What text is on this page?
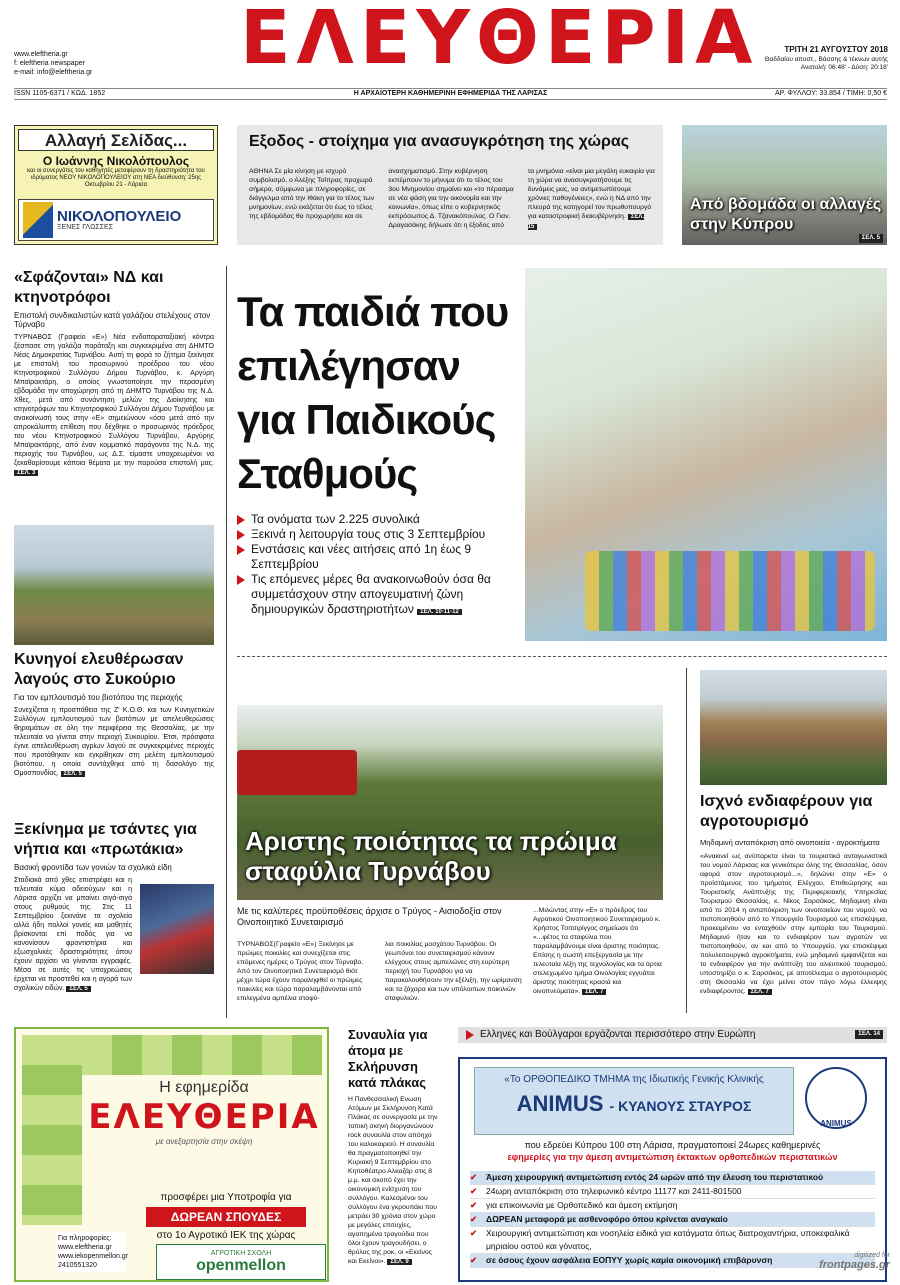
www.eleftheria.gr
f: eleftheria newspaper
e-mail: info@eleftheria.gr ΕΛΕΥΘΕΡΙΑ	ΤΡΙΤΗ 21 ΑΥΓΟΥΣΤΟΥ 2018
Θαδδαίου αποστ., Βάσσης & τέκνων αυτής
Ανατολή: 06:48' - Δύση: 20:18'
ISSN 1105-6371 / ΚΩΔ. 1852	Η ΑΡΧΑΙΟΤΕΡΗ ΚΑΘΗΜΕΡΙΝΗ ΕΦΗΜΕΡΙΔΑ ΤΗΣ ΛΑΡΙΣΑΣ	ΑΡ. ΦΥΛΛΟΥ: 33.854 / ΤΙΜΗ: 0,50 €
Αλλαγή Σελίδας...
Ο Ιωάννης Νικολόπουλος
και οι συνεργάτες του καθηγητές μεταφέρουν τη δραστηριότητα του ιδρύματος ΝΕΟΥ ΝΙΚΟΛΟΠΟΥΛΕΙΟΥ στη ΝΕΑ διεύθυνση: 25ης Οκτωβρίου 21 - Λάρισα
ΝΙΚΟΛΟΠΟΥΛΕΙΟ
ΞΕΝΕΣ ΓΛΩΣΣΕΣ
Εξοδος - στοίχημα για ανασυγκρότηση της χώρας
ΑΘΗΝΑ Σε μία κίνηση με ισχυρό συμβολισμό, ο Αλέξης Τσίπρας προχωρά σήμερα, σύμφωνα με πληροφορίες, σε διάγγελμα από την Ιθάκη για το τέλος των μνημονίων, ενώ εκάζεται ότι έως το τέλος της εβδομάδας θα προχωρήσει και σε
ανασχηματισμό. Στην κυβέρνηση εκπέμπουν το μήνυμα ότι το τέλος του 3ου Μνημονίου σημαίνει και «το πέρασμα σε νέα φάση για την οικονομία και την κοινωνία», όπως είπε ο κυβερνητικός εκπρόσωπος Δ. Τζανακόπουλος. Ο Γιαν. Δραγασάκης δήλωσε ότι η έξοδος από
τα μνημόνια «είναι μια μεγάλη ευκαιρία για τη χώρα να ανασυγκροτήσουμε τις δυνάμεις μας, να αντιμετωπίσουμε χρόνιες παθογένειες», ενώ η ΝΔ από την πλευρά της κατηγορεί τον πρωθυπουργό για καταστροφική διακυβέρνηση. ΣΕΛ. 15
Από βδομάδα οι αλλαγές στην Κύπρου
ΣΕΛ. 5
«Σφάζονται» ΝΔ και κτηνοτρόφοι
Επιστολή συνδικαλιστών κατά γαλάζιου στελέχους στον Τύρναβο

ΤΥΡΝΑΒΟΣ (Γραφείο «Ε») Νέα ενδοπαραταξιακή κόντρα ξέσπασε στη γαλάζια παράταξη και συγκεκριμένα στη ΔΗΜΤΟ Νέας Δημοκρατίας Τυρνάβου. Αυτή τη φορά το ζήτημα ξεκίνησε με επιστολή του προσωρινού προέδρου του νέου Κτηνοτροφικού Συλλόγου Δήμου Τυρνάβου, κ. Αργύρη Μπαϊρακτάρη, ο οποίος γνωστοποίησε την περασμένη εβδομάδα την αποχώρηση από τη ΔΗΜΤΟ Τυρνάβου της Ν.Δ. Χθες, μετά από συνάντηση μελών της Διοίκησης και κτηνοτρόφων του Κτηνοτροφικού Συλλόγου Δήμου Τυρνάβου με ανακοίνωσή τους στην «Ε» σημειώνουν «όσο μετά από την απροκάλυπτη επίθεση που δέχθηκε ο προσωρινός πρόεδρος του νέου Κτηνοτροφικού Συλλόγου Τυρνάβου, Αργύρης Μπαϊρακτάρης, από έναν κομματικό παράγοντα της Ν.Δ. της περιοχής του Τυρνάβου, ως Δ.Σ. είμαστε υποχρεωμένοι να ξεκαθαρίσουμε κάποια θέματα με την παρούσα επιστολή μας. ΣΕΛ. 3

Κυνηγοί ελευθέρωσαν λαγούς στο Συκούριο
Για τον εμπλουτισμό του βιοτόπου της περιοχής

Συνεχίζεται η προσπάθεια της Ζ' Κ.Ο.Θ. και των Κυνηγετικών Συλλόγων εμπλουτισμού των βιοτόπων με απελευθερώσεις θηραμάτων σε όλη την περιφέρεια της Θεσσαλίας, με την τελευταία να γίνεται στην περιοχή Συκουρίου. Έτσι, πρόσφατα έγινε απελευθέρωση αγρίων λαγού σε συγκεκριμένες περιοχές που προτάθηκαν και εγκρίθηκαν στη μελέτη εμπλουτισμού βιοτόπου, η οποία συντάχθηκε από τη δασολόγο της Ομοσπονδίας. ΣΕΛ. 5

Ξεκίνημα με τσάντες για νήπια και «πρωτάκια»
Βασική φροντίδα των γονιών τα σχολικά είδη

Σταδιακά από χθες επιστρέφει και η τελευταία κύμα αδειούχων και η Λάρισα αρχίζει να μπαίνει σιγά-σιγά στους ρυθμούς της. Στις 11 Σεπτεμβρίου ξεκινάνε τα σχολεία αλλά ήδη πολλοί γονείς και μαθητές βρίσκονται επί ποδός για να κανονίσουν φροντιστήρια και εξωσχολικές δραστηριότητες όπου έχουν αρχίσει να γίνονται εγγραφές. Μέσα σε αυτές τις υποχρεώσεις έρχεται να προστεθεί και η αγορά των σχολικών ειδών. ΣΕΛ. 5

Τα παιδιά που επιλέγησαν για Παιδικούς Σταθμούς
Τα ονόματα των 2.225 συνολικά
Ξεκινά η λειτουργία τους στις 3 Σεπτεμβρίου
Ενστάσεις και νέες αιτήσεις από 1η έως 9 Σεπτεμβρίου
Τις επόμενες μέρες θα ανακοινωθούν όσα θα συμμετάσχουν στην απογευματινή ζώνη δημιουργικών δραστηριοτήτων ΣΕΛ. 10-11-12
Αριστης ποιότητας τα πρώιμα σταφύλια Τυρνάβου
Με τις καλύτερες προϋποθέσεις άρχισε ο Τρύγος - Αισιοδοξία στον Οινοποιητικό Συνεταιρισμό
ΤΥΡΝΑΒΟΣ(Γραφείο «Ε») Ξεκίνησε με πρώιμες ποικιλίες και συνεχίζεται στις επόμενες ημέρες ο Τρύγος στον Τύρναβο. Από τον Οινοποιητικό Συνεταιρισμό θιότ μέχρι τώρα έχουν παραληφθεί οι πρώιμες ποικιλίες και τώρα παραλαμβάνονται από επιλεγμένα αμπέλια σταφύ-
λια ποικιλίας μοσχάτου Τυρνάβου. Οι γεωπόνοι του συνεταιρισμού κάνουν ελέγχους στους αμπελώνες στη ευρύτερη περιοχή του Τυρνάβου για να παρακολουθήσουν την εξέλιξη, την ωρίμανση και τα ζάχαρα και των υπόλοιπων ποικιλιών σταφυλιών.
...Μιλώντας στην «Ε» ο πρόεδρος του Αγροτικού Οινοποιητικού Συνεταιρισμού κ. Χρήστος Τσιτσιρίγγος σημείωσε ότι «...φέτος τα σταφύλια που παραλαμβάνουμε είναι άριστης ποιότητας. Επίσης η σωστή επεξεργασία με την τελευταία λέξη της τεχνολογίας και τα άρτια στελεχωμένο τμήμα Οινολογίας εγγυάται άριστης ποιότητας κρασιά και οινοπνεύματα». ΣΕΛ. 7
Ισχνό ενδιαφέρουν για αγροτουρισμό
Μηδαμινή ανταπόκριση από οινοποιεία - αγροκτήματα
«Ανακινεί ως ανύπαρκτα είναι τα τουριστικά ανταγωνιστικά του νομού Λάρισας και γενικότερα όλης της Θεσσαλίας, όσον αφορά στον αγροτουρισμό...», δηλώνει στην «Ε» ο προϊστάμενος του τμήματος Ελέγχου, Επιθεώρησης και Τουριστικής Ανάπτυξης της Περιφερειακής Υπηρεσίας Τουρισμού Θεσσαλίας, κ. Νίκος Σαρσάκος. Μηδαμινή είναι από το 2014 η ανταπόκριση των οινοποιείων του νομού, να πιστοποιηθούν από το Υπουργείο Τουρισμού ως επισκέψιμα, προκειμένου να ενταχθούν στην εμπορία του Τουρισμού. Μηδαμινό ήταν και το ενδιαφέρον των αγροτών να πιστοποιηθούν, αν και από το Υπουργείο, για επισκέψιμα πολυλειτουργικά αγροκτήματα, ενώ μηδαμινό εμφανίζεται και το ενδιαφέρον για την ανάπτυξη του αλιευτικού τουρισμού, υποστηρίζει ο κ. Σαρσάκος, με αποτέλεσμα ο αγροτουρισμός στη Θεσσαλία να έχει μείνει στον πάγο λόγω έλλειψης ενδιαφέροντος. ΣΕΛ. 7
Η εφημερίδα
ΕΛΕΥΘΕΡΙΑ
με ανεξαρτησία στην σκέψη
προσφέρει μια Υποτροφία για
ΔΩΡΕΑΝ ΣΠΟΥΔΕΣ
στο 1ο Αγροτικό ΙΕΚ της χώρας
Για πληροφορίες: www.eleftheria.gr www.iekopenmellon.gr 2410551320
ΑΓΡΟΤΙΚΗ ΣΧΟΛΗ
openmellon
Συναυλία για άτομα με Σκλήρυνση κατά πλάκας

Η Πανθεσσαλική Ενωση Ατόμων με Σκλήρυνση Κατά Πλάκας σε συνεργασία με την τοπική σκηνή διοργανώνουν rock συναυλία στον απόηχο του καλοκαιριού. Η συναυλία θα πραγματοποιηθεί την Κυριακή 9 Σεπτεμβρίου στο Κηποθέατρο Αλκαζάρ στις 8 μ.μ. και σκοπό έχει την οικονομική ενίσχυση του συλλόγου. Καλεσμένοι του συλλόγου ένα γκρουπάκι που μετράει 30 χρόνια στον χώρο με μεγάλες επιτυχίες, αγαπημένα τραγούδια που όλοι έχουν τραγουδήσει, ο θρύλος της ροκ, οι «Εκείνος και Εκείνοι». ΣΕΛ. 9

Ελληνες και Βούλγαροι εργάζονται περισσότερο στην Ευρώπη	ΣΕΛ. 14
«Το ΟΡΘΟΠΕΔΙΚΟ ΤΜΗΜΑ της Ιδιωτικής Γενικής Κλινικής
ANIMUS - ΚΥΑΝΟΥΣ ΣΤΑΥΡΟΣ
ANIMUS
που εδρεύει Κύπρου 100 στη Λάρισα, πραγματοποιεί 24ωρες καθημερινές
εφημερίες για την άμεση αντιμετώπιση έκτακτων ορθοπεδικών περιστατικών
✔ Άμεση χειρουργική αντιμετώπιση εντός 24 ωρών από την έλευση του περιστατικού
✔ 24ωρη ανταπόκριση στο τηλεφωνικό κέντρο 11177 και 2411-801500
✔ για επικοινωνία με Ορθοπεδικό και άμεση εκτίμηση
✔ ΔΩΡΕΑΝ μεταφορά με ασθενοφόρο όπου κρίνεται αναγκαίο
✔ Χειρουργική αντιμετώπιση και νοσηλεία ειδικά για κατάγματα όπως διατροχαντήρια, υποκεφαλικά μηριαίου οστού και γόνατος,
✔ σε όσους έχουν ασφάλεια ΕΟΠΥΥ χωρίς καμία οικονομική επιβάρυνση	digitized for
frontpages.gr
